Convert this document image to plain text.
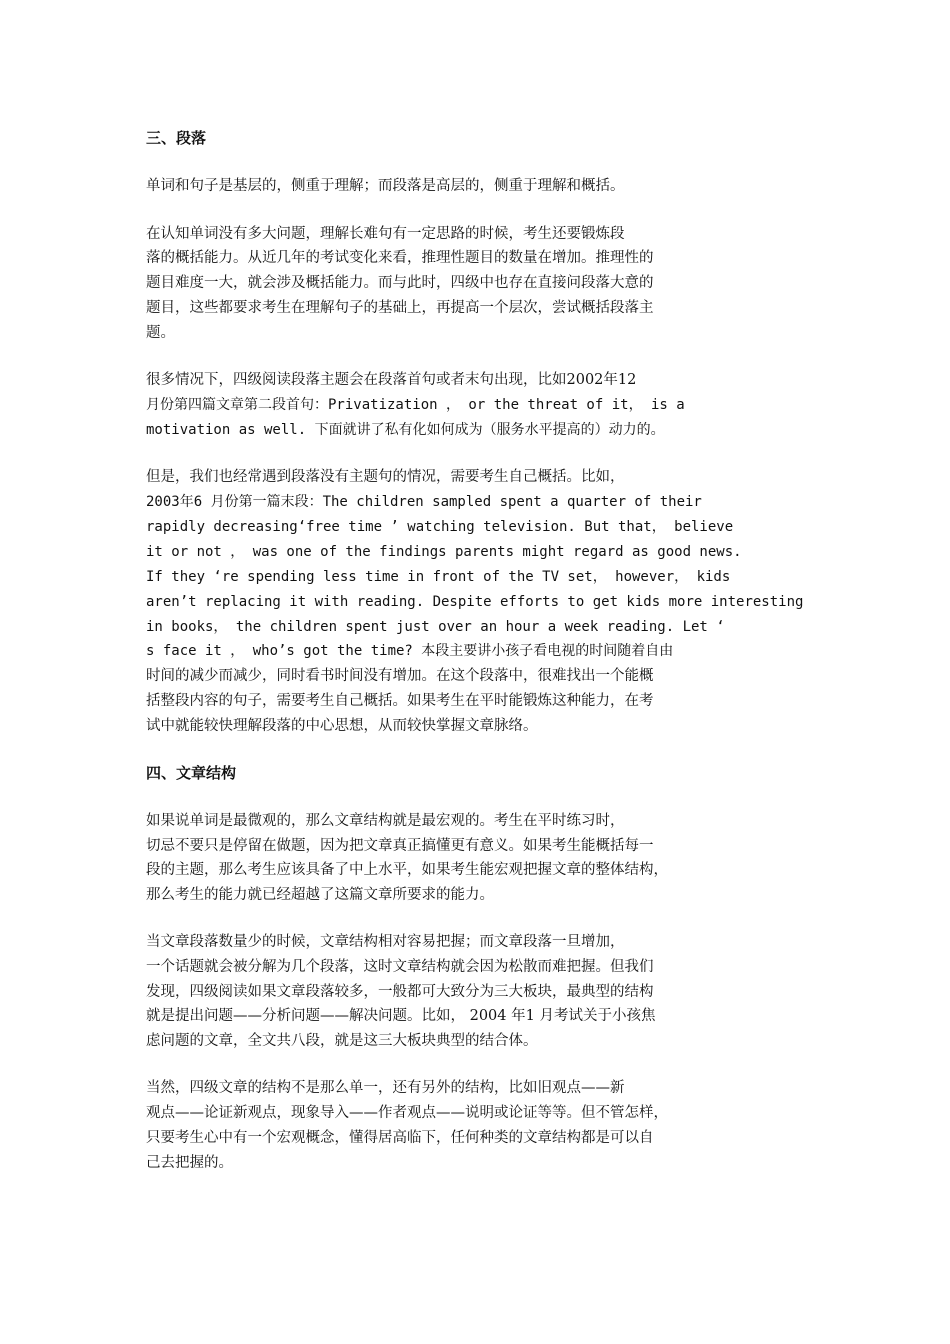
三、段落
单词和句子是基层的，侧重于理解；而段落是高层的，侧重于理解和概括。
在认知单词没有多大问题，理解长难句有一定思路的时候，考生还要锻炼段
落的概括能力。从近几年的考试变化来看，推理性题目的数量在增加。推理性的
题目难度一大，就会涉及概括能力。而与此时，四级中也存在直接问段落大意的
题目，这些都要求考生在理解句子的基础上，再提高一个层次，尝试概括段落主
题。
很多情况下，四级阅读段落主题会在段落首句或者末句出现，比如2002年12
月份第四篇文章第二段首句：Privatization ， or the threat of it， is a
motivation as well. 下面就讲了私有化如何成为（服务水平提高的）动力的。
但是，我们也经常遇到段落没有主题句的情况，需要考生自己概括。比如，
2003年6 月份第一篇末段：The children sampled spent a quarter of their
rapidly decreasing‘free time ’ watching television. But that， believe
it or not ， was one of the findings parents might regard as good news.
If they ‘re spending less time in front of the TV set， however， kids
aren’t replacing it with reading. Despite efforts to get kids more interesting
in books， the children spent just over an hour a week reading. Let ‘
s face it ， who’s got the time? 本段主要讲小孩子看电视的时间随着自由
时间的减少而减少，同时看书时间没有增加。在这个段落中，很难找出一个能概
括整段内容的句子，需要考生自己概括。如果考生在平时能锻炼这种能力，在考
试中就能较快理解段落的中心思想，从而较快掌握文章脉络。
四、文章结构
如果说单词是最微观的，那么文章结构就是最宏观的。考生在平时练习时，
切忌不要只是停留在做题，因为把文章真正搞懂更有意义。如果考生能概括每一
段的主题，那么考生应该具备了中上水平，如果考生能宏观把握文章的整体结构，
那么考生的能力就已经超越了这篇文章所要求的能力。
当文章段落数量少的时候，文章结构相对容易把握；而文章段落一旦增加，
一个话题就会被分解为几个段落，这时文章结构就会因为松散而难把握。但我们
发现，四级阅读如果文章段落较多，一般都可大致分为三大板块，最典型的结构
就是提出问题——分析问题——解决问题。比如， 2004 年1 月考试关于小孩焦
虑问题的文章，全文共八段，就是这三大板块典型的结合体。
当然，四级文章的结构不是那么单一，还有另外的结构，比如旧观点——新
观点——论证新观点，现象导入——作者观点——说明或论证等等。但不管怎样，
只要考生心中有一个宏观概念，懂得居高临下，任何种类的文章结构都是可以自
己去把握的。
